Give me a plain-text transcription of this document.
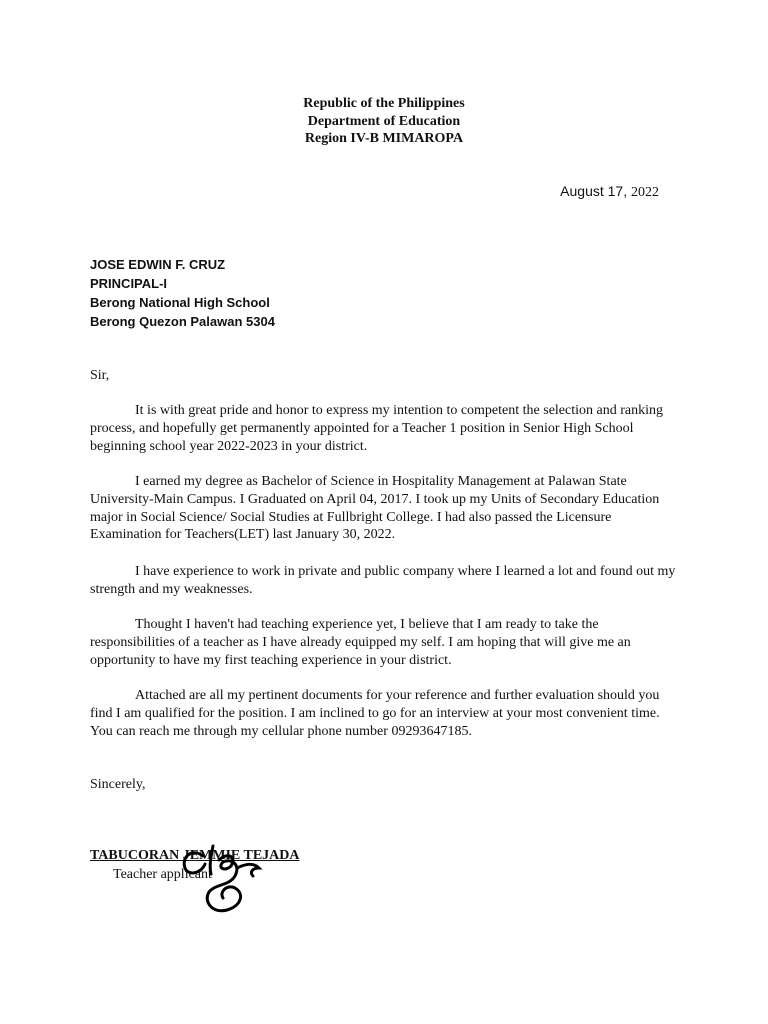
Republic of the Philippines
Department of Education
Region IV-B MIMAROPA
August 17, 2022
JOSE EDWIN F. CRUZ
PRINCIPAL-I
Berong National High School
Berong Quezon Palawan 5304
Sir,

It is with great pride and honor to express my intention to competent the selection and ranking process, and hopefully get permanently appointed for a Teacher 1 position in Senior High School beginning school year 2022-2023 in your district.

I earned my degree as Bachelor of Science in Hospitality Management at Palawan State University-Main Campus. I Graduated on April 04, 2017. I took up my Units of Secondary Education major in Social Science/ Social Studies at Fullbright College. I had also passed the Licensure Examination for Teachers(LET) last January 30, 2022.

I have experience to work in private and public company where I learned a lot and found out my strength and my weaknesses.

Thought I haven't had teaching experience yet, I believe that I am ready to take the responsibilities of a teacher as I have already equipped my self. I am hoping that will give me an opportunity to have my first teaching experience in your district.

Attached are all my pertinent documents for your reference and further evaluation should you find I am qualified for the position. I am inclined to go for an interview at your most convenient time. You can reach me through my cellular phone number 09293647185.

Sincerely,
TABUCORAN JEMMIE TEJADA
Teacher applicant
